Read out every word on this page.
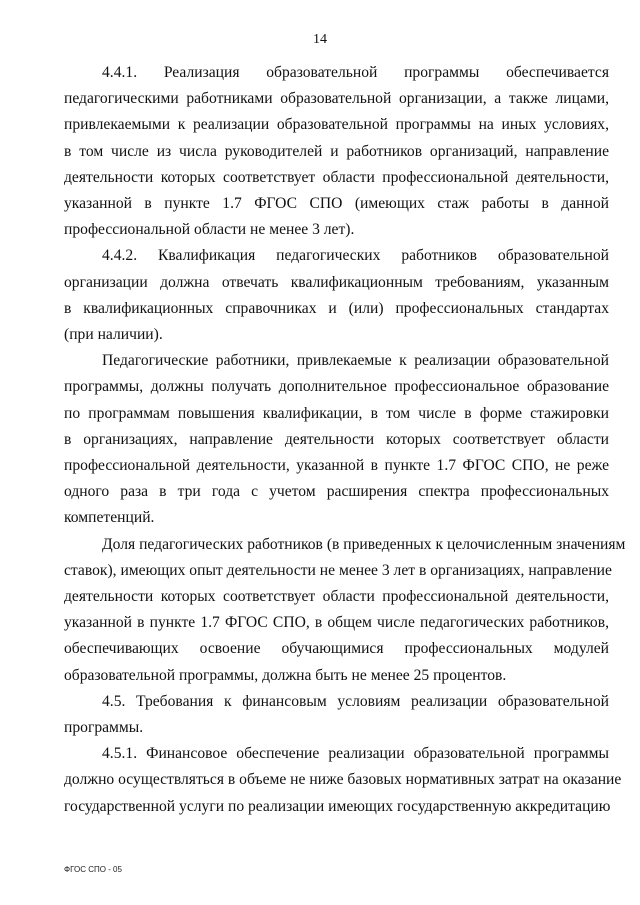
14

4.4.1. Реализация образовательной программы обеспечивается
педагогическими работниками образовательной организации, а также лицами,
привлекаемыми к реализации образовательной программы на иных условиях,
в том числе из числа руководителей и работников организаций, направление
деятельности которых соответствует области профессиональной деятельности,
указанной в пункте 1.7 ФГОС СПО (имеющих стаж работы в данной
профессиональной области не менее 3 лет).

4.4.2. Квалификация педагогических работников образовательной
организации должна отвечать квалификационным требованиям, указанным
в квалификационных справочниках и (или) профессиональных стандартах
(при наличии).

Педагогические работники, привлекаемые к реализации образовательной
программы, должны получать дополнительное профессиональное образование
по программам повышения квалификации, в том числе в форме стажировки
в организациях, направление деятельности которых соответствует области
профессиональной деятельности, указанной в пункте 1.7 ФГОС СПО, не реже
одного раза в три года с учетом расширения спектра профессиональных
компетенций.

Доля педагогических работников (в приведенных к целочисленным значениям
ставок), имеющих опыт деятельности не менее 3 лет в организациях, направление
деятельности которых соответствует области профессиональной деятельности,
указанной в пункте 1.7 ФГОС СПО, в общем числе педагогических работников,
обеспечивающих освоение обучающимися профессиональных модулей
образовательной программы, должна быть не менее 25 процентов.

4.5. Требования к финансовым условиям реализации образовательной
программы.

4.5.1. Финансовое обеспечение реализации образовательной программы
должно осуществляться в объеме не ниже базовых нормативных затрат на оказание
государственной услуги по реализации имеющих государственную аккредитацию

ФГОС СПО - 05
